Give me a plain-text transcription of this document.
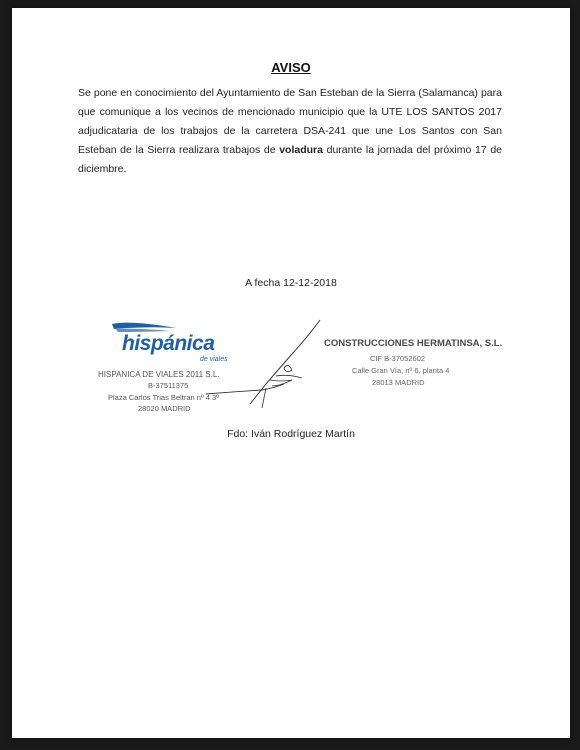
AVISO
Se pone en conocimiento del Ayuntamiento de San Esteban de la Sierra (Salamanca) para que comunique a los vecinos de mencionado municipio que la UTE LOS SANTOS 2017 adjudicataria de los trabajos de la carretera DSA-241 que une Los Santos con San Esteban de la Sierra realizara trabajos de voladura durante la jornada del próximo 17 de diciembre.
A fecha 12-12-2018
hispánica
de viales
HISPANICA DE VIALES 2011 S.L.
B-37511375
Plaza Carlos Trias Beltran nº 4 3º
28020 MADRID
CONSTRUCCIONES HERMATINSA, S.L.
CIF B-37052602
Calle Gran Vía, nº 6, planta 4
28013 MADRID
Fdo: Iván Rodríguez Martín
